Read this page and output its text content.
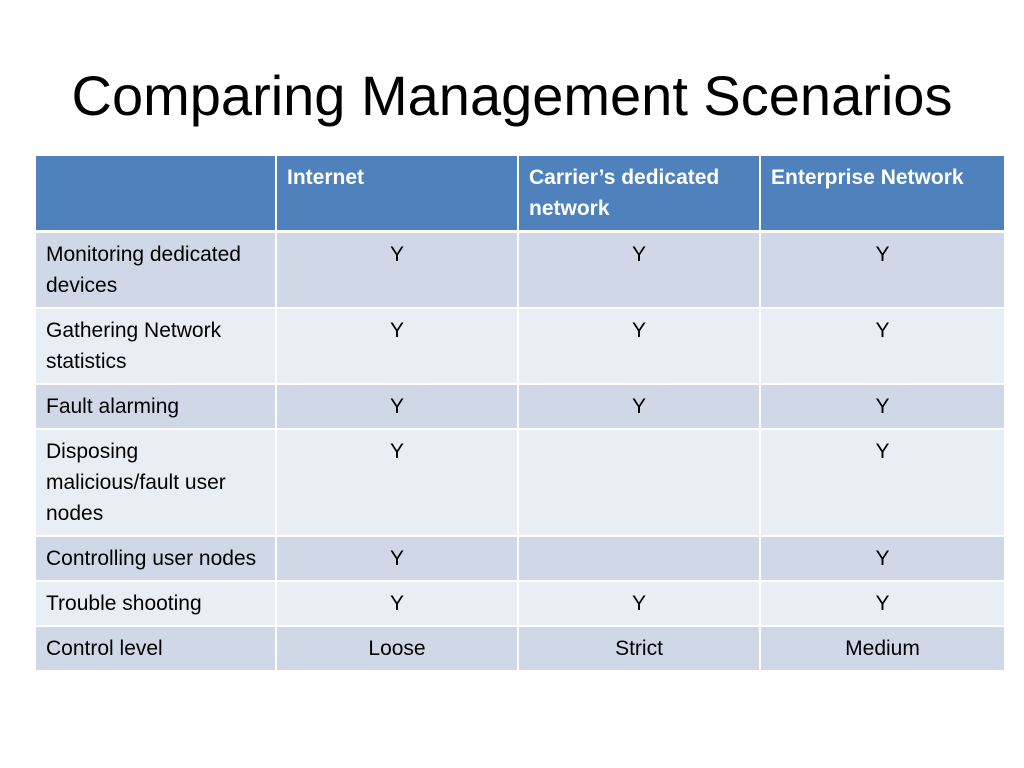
Comparing Management Scenarios
	Internet	Carrier’s dedicated network	Enterprise Network
Monitoring dedicated devices	Y	Y	Y
Gathering Network statistics	Y	Y	Y
Fault alarming	Y	Y	Y
Disposing malicious/fault user nodes	Y		Y
Controlling user nodes	Y		Y
Trouble shooting	Y	Y	Y
Control level	Loose	Strict	Medium
